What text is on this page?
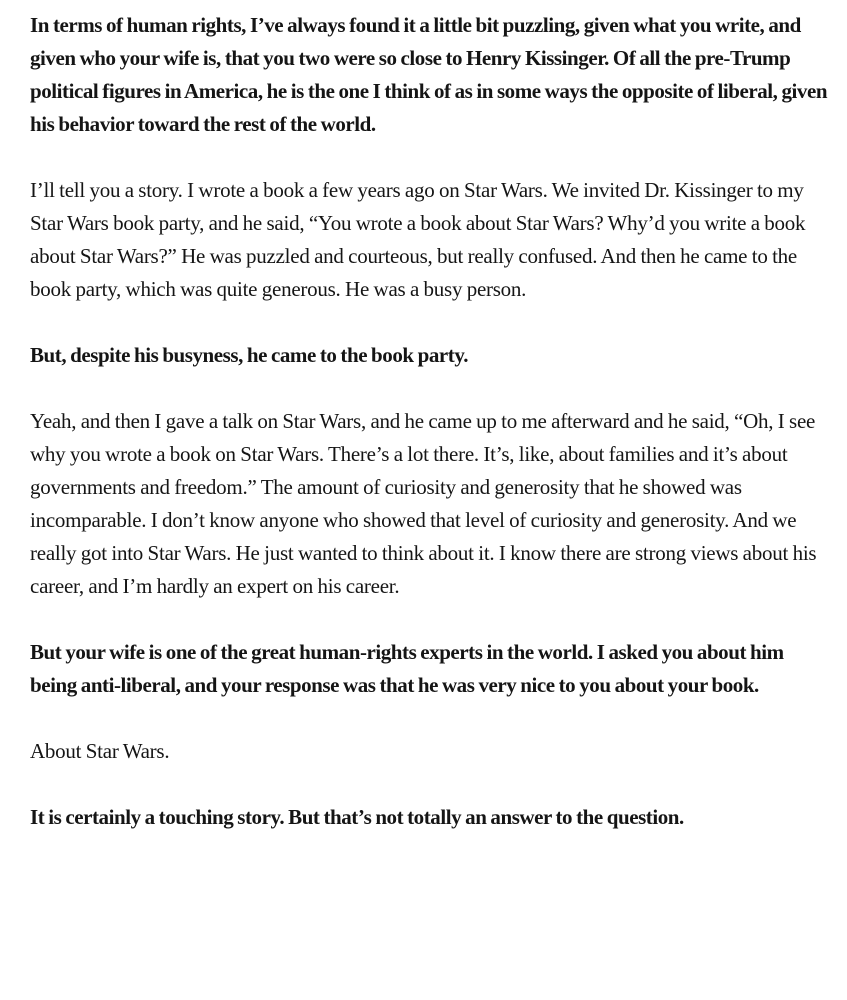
In terms of human rights, I’ve always found it a little bit puzzling, given what you write, and given who your wife is, that you two were so close to Henry Kissinger. Of all the pre-Trump political figures in America, he is the one I think of as in some ways the opposite of liberal, given his behavior toward the rest of the world.

I’ll tell you a story. I wrote a book a few years ago on Star Wars. We invited Dr. Kissinger to my Star Wars book party, and he said, “You wrote a book about Star Wars? Why’d you write a book about Star Wars?” He was puzzled and courteous, but really confused. And then he came to the book party, which was quite generous. He was a busy person.

But, despite his busyness, he came to the book party.

Yeah, and then I gave a talk on Star Wars, and he came up to me afterward and he said, “Oh, I see why you wrote a book on Star Wars. There’s a lot there. It’s, like, about families and it’s about governments and freedom.” The amount of curiosity and generosity that he showed was incomparable. I don’t know anyone who showed that level of curiosity and generosity. And we really got into Star Wars. He just wanted to think about it. I know there are strong views about his career, and I’m hardly an expert on his career.

But your wife is one of the great human-rights experts in the world. I asked you about him being anti-liberal, and your response was that he was very nice to you about your book.

About Star Wars.

It is certainly a touching story. But that’s not totally an answer to the question.
